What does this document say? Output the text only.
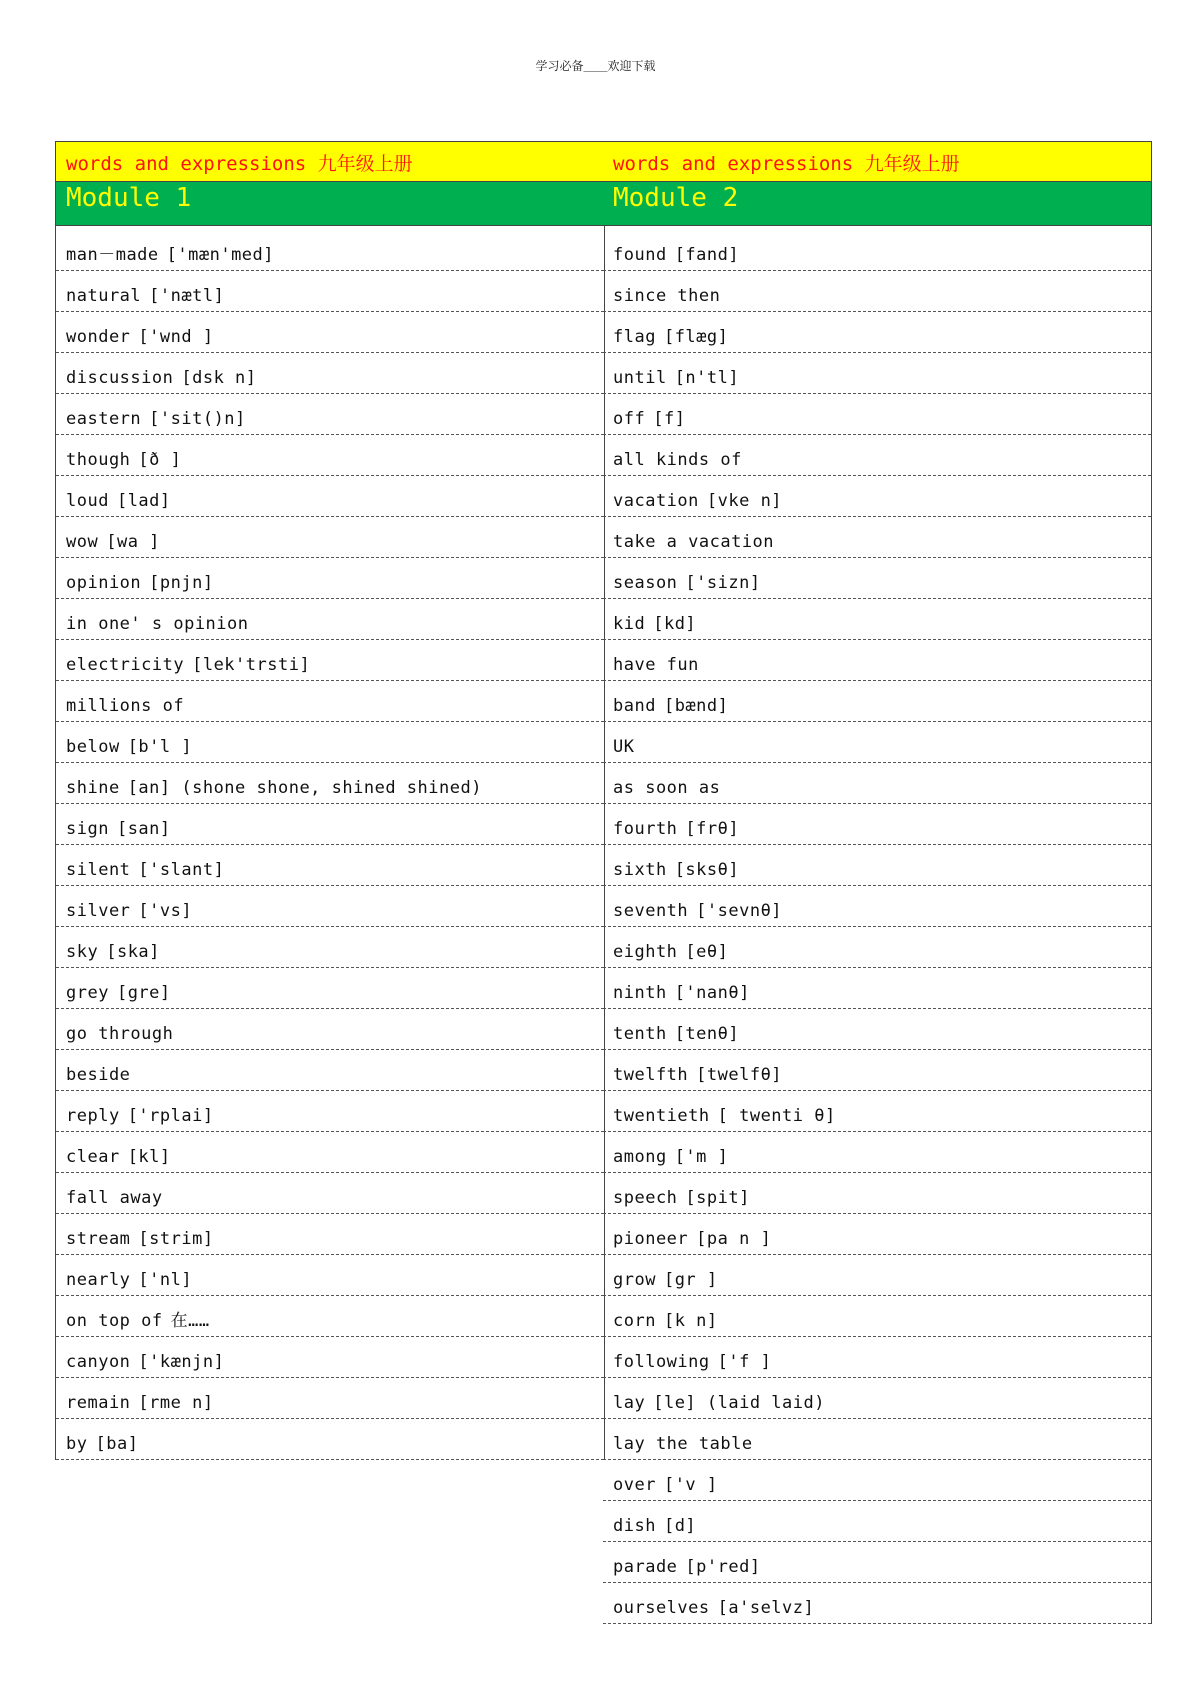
学习必备＿＿欢迎下载
words and expressions 九年级上册
Module 1
man－made ['mæn'med]
natural ['nætl]
wonder ['wnd ]
discussion [dsk n]
eastern ['sit()n]
though [ð ]
loud [lad]
wow [wa ]
opinion [pnjn]
in one' s opinion
electricity [lek'trsti]
millions of
below [b'l ]
shine [an] (shone shone, shined shined)
sign [san]
silent ['slant]
silver ['vs]
sky [ska]
grey [gre]
go through
beside
reply ['rplai]
clear [kl]
fall away
stream [strim]
nearly ['nl]
on top of 在……
canyon ['kænjn]
remain [rme n]
by [ba]
words and expressions 九年级上册
Module 2
found [fand]
since then
flag [flæg]
until [n'tl]
off [f]
all kinds of
vacation [vke n]
take a vacation
season ['sizn]
kid [kd]
have fun
band [bænd]
UK
as soon as
fourth [frθ]
sixth [sksθ]
seventh ['sevnθ]
eighth [eθ]
ninth ['nanθ]
tenth [tenθ]
twelfth [twelfθ]
twentieth [ twenti θ]
among ['m ]
speech [spit]
pioneer [pa n ]
grow [gr ]
corn [k n]
following ['f ]
lay [le] (laid laid)
lay the table
over ['v ]
dish [d]
parade [p'red]
ourselves [a'selvz]
